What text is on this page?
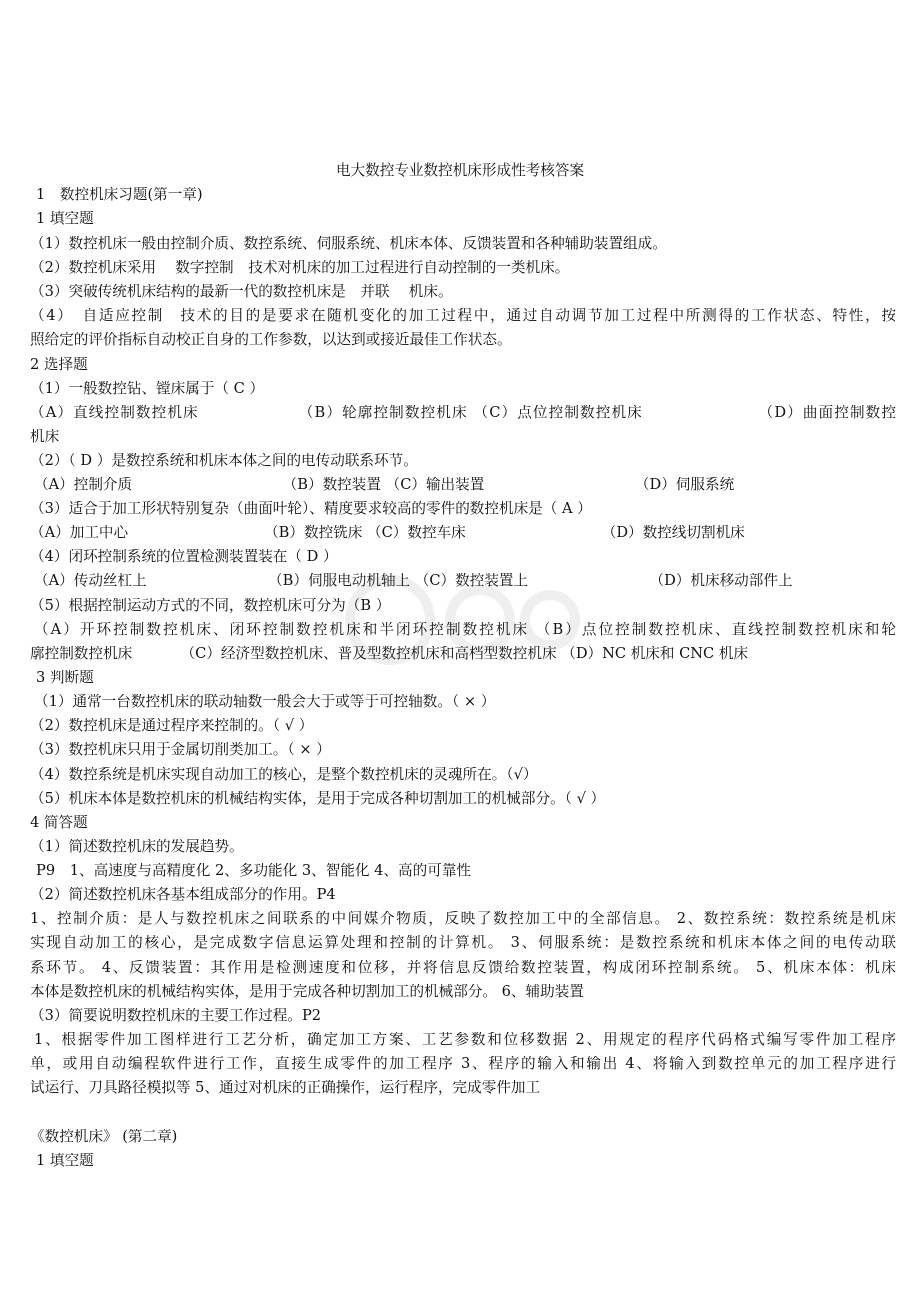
电大数控专业数控机床形成性考核答案
1　数控机床习题(第一章)
1 填空题
（1）数控机床一般由控制介质、数控系统、伺服系统、机床本体、反馈装置和各种辅助装置组成。
（2）数控机床采用　 数字控制　技术对机床的加工过程进行自动控制的一类机床。
（3）突破传统机床结构的最新一代的数控机床是　并联　 机床。
（4）　自适应控制　技术的目的是要求在随机变化的加工过程中，通过自动调节加工过程中所测得的工作状态、特性，按
照给定的评价指标自动校正自身的工作参数，以达到或接近最佳工作状态。
2 选择题
（1）一般数控钻、镗床属于（ C ）
（A）直线控制数控机床　　　　　　 （B）轮廓控制数控机床 （C）点位控制数控机床　　　　　　　 （D）曲面控制数控
机床
（2）（ D ）是数控系统和机床本体之间的电传动联系环节。
（A）控制介质　　　　　　　　　　 （B）数控装置 （C）输出装置　　　　　　　　　　 （D）伺服系统
（3）适合于加工形状特别复杂（曲面叶轮）、精度要求较高的零件的数控机床是（ A ）
（A）加工中心　　　　　　　　　 （B）数控铣床 （C）数控车床　　　　　　　　　 （D）数控线切割机床
（4）闭环控制系统的位置检测装置装在（ D ）
（A）传动丝杠上　　　　　　　　 （B）伺服电动机轴上 （C）数控装置上　　　　　　　　 （D）机床移动部件上
（5）根据控制运动方式的不同，数控机床可分为（B ）
（A）开环控制数控机床、闭环控制数控机床和半闭环控制数控机床 （B）点位控制数控机床、直线控制数控机床和轮
廓控制数控机床　　　 （C）经济型数控机床、普及型数控机床和高档型数控机床 （D）NC 机床和 CNC 机床
3 判断题
（1）通常一台数控机床的联动轴数一般会大于或等于可控轴数。（ × ）
（2）数控机床是通过程序来控制的。（ √ ）
（3）数控机床只用于金属切削类加工。（ × ）
（4）数控系统是机床实现自动加工的核心，是整个数控机床的灵魂所在。（√）
（5）机床本体是数控机床的机械结构实体，是用于完成各种切割加工的机械部分。（ √ ）
4 简答题
（1）简述数控机床的发展趋势。
P9　1、高速度与高精度化 2、多功能化 3、智能化 4、高的可靠性
（2）简述数控机床各基本组成部分的作用。P4
1、控制介质：是人与数控机床之间联系的中间媒介物质，反映了数控加工中的全部信息。 2、数控系统：数控系统是机床
实现自动加工的核心，是完成数字信息运算处理和控制的计算机。 3、伺服系统：是数控系统和机床本体之间的电传动联
系环节。 4、反馈装置：其作用是检测速度和位移，并将信息反馈给数控装置，构成闭环控制系统。 5、机床本体：机床
本体是数控机床的机械结构实体，是用于完成各种切割加工的机械部分。 6、辅助装置
（3）简要说明数控机床的主要工作过程。P2
1、根据零件加工图样进行工艺分析，确定加工方案、工艺参数和位移数据 2、用规定的程序代码格式编写零件加工程序
单，或用自动编程软件进行工作，直接生成零件的加工程序 3、程序的输入和输出 4、将输入到数控单元的加工程序进行
试运行、刀具路径模拟等 5、通过对机床的正确操作，运行程序，完成零件加工
《数控机床》 (第二章)
1 填空题
